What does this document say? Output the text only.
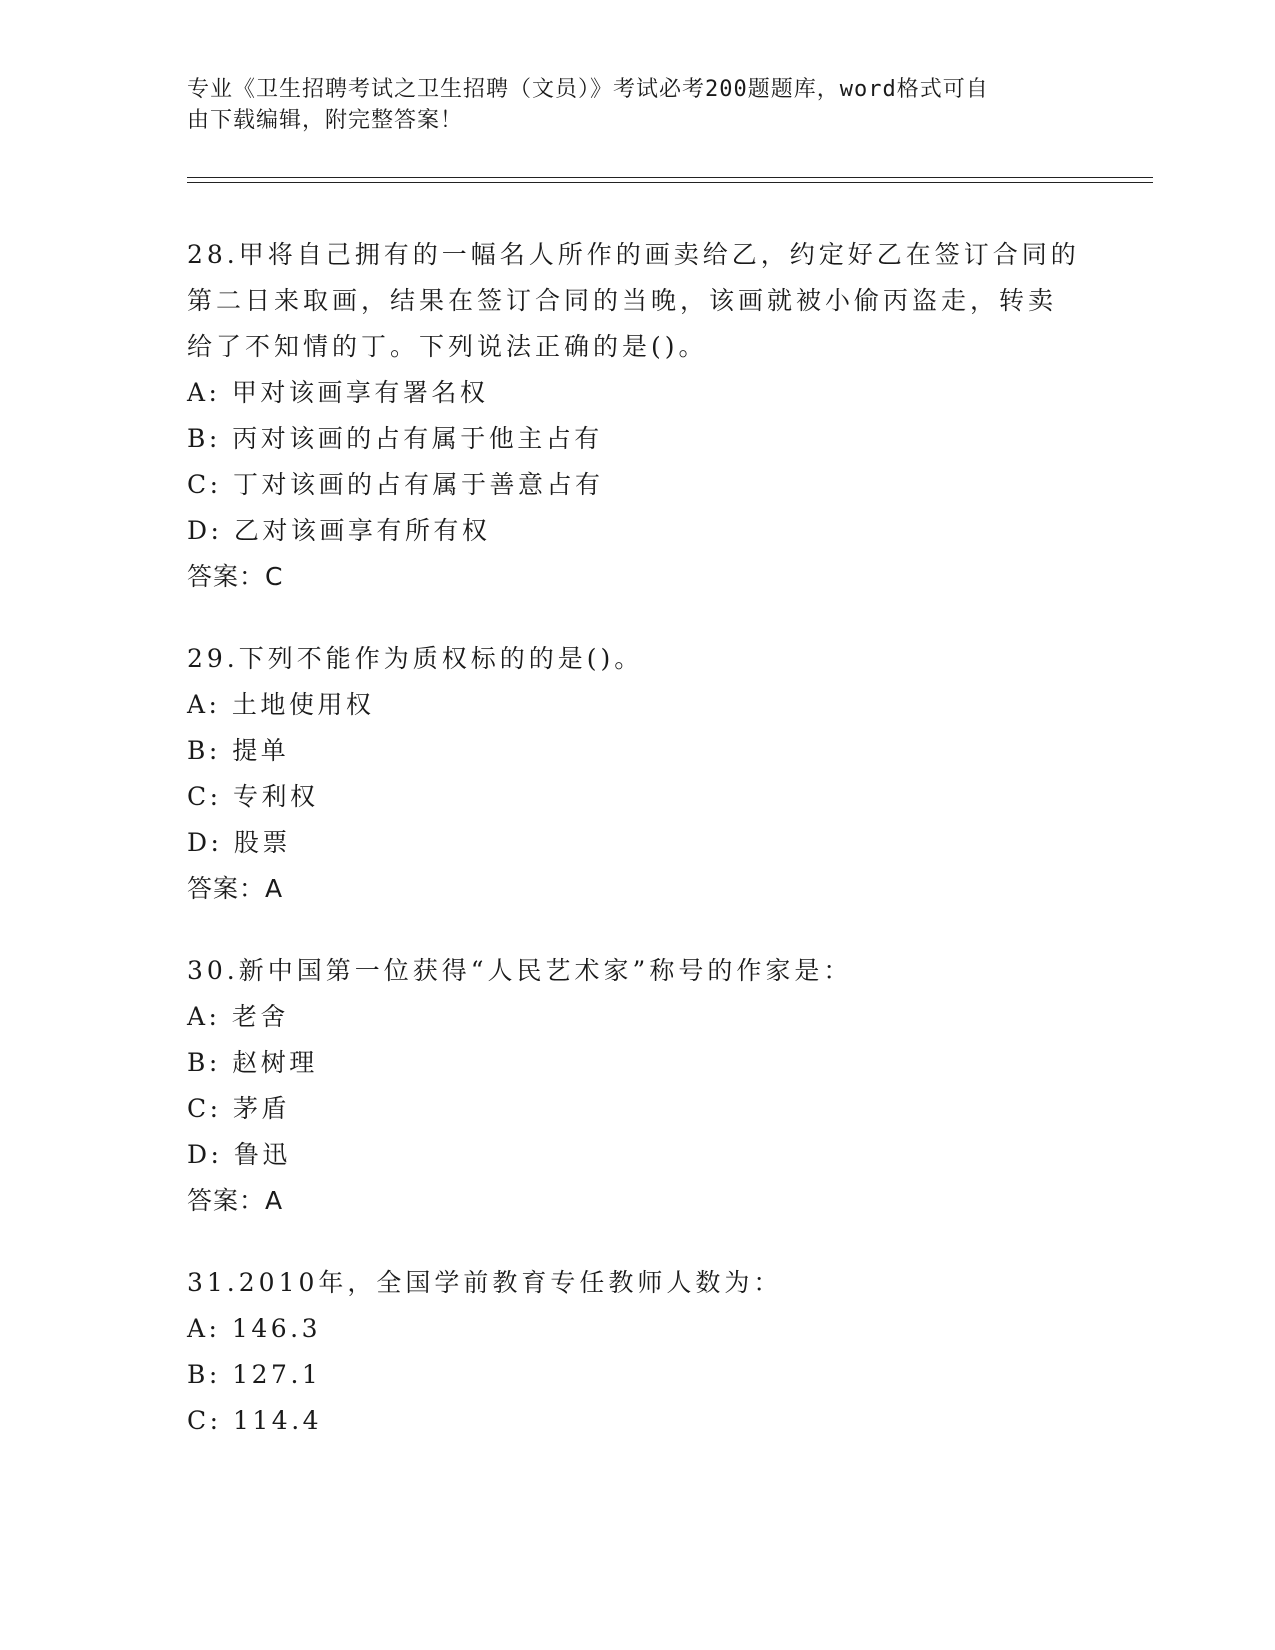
专业《卫生招聘考试之卫生招聘（文员）》考试必考200题题库，word格式可自
由下载编辑，附完整答案！
28.甲将自己拥有的一幅名人所作的画卖给乙，约定好乙在签订合同的
第二日来取画，结果在签订合同的当晚，该画就被小偷丙盗走，转卖
给了不知情的丁。下列说法正确的是()。
A: 甲对该画享有署名权
B: 丙对该画的占有属于他主占有
C: 丁对该画的占有属于善意占有
D: 乙对该画享有所有权
答案：C
29.下列不能作为质权标的的是()。
A: 土地使用权
B: 提单
C: 专利权
D: 股票
答案：A
30.新中国第一位获得“人民艺术家”称号的作家是：
A: 老舍
B: 赵树理
C: 茅盾
D: 鲁迅
答案：A
31.2010年，全国学前教育专任教师人数为：
A: 146.3
B: 127.1
C: 114.4
